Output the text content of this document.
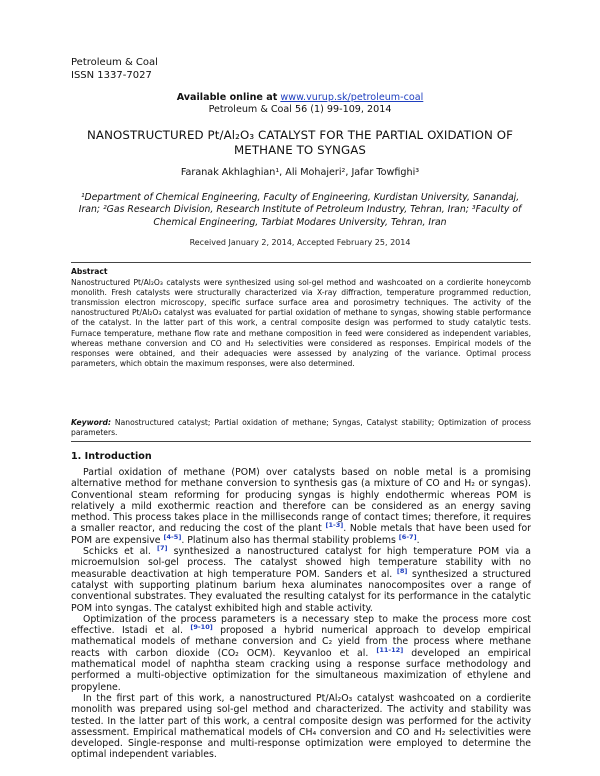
Petroleum & Coal
ISSN 1337-7027
Available online at www.vurup.sk/petroleum-coal
Petroleum & Coal 56 (1) 99-109, 2014
NANOSTRUCTURED Pt/Al₂O₃ CATALYST FOR THE PARTIAL OXIDATION OF
METHANE TO SYNGAS
Faranak Akhlaghian¹, Ali Mohajeri², Jafar Towfighi³
¹Department of Chemical Engineering, Faculty of Engineering, Kurdistan University, Sanandaj, Iran; ²Gas Research Division, Research Institute of Petroleum Industry, Tehran, Iran; ³Faculty of Chemical Engineering, Tarbiat Modares University, Tehran, Iran
Received January 2, 2014, Accepted February 25, 2014
Abstract
Nanostructured Pt/Al₂O₃ catalysts were synthesized using sol-gel method and washcoated on a cordierite honeycomb monolith. Fresh catalysts were structurally characterized via X-ray diffraction, temperature programmed reduction, transmission electron microscopy, specific surface surface area and porosimetry techniques. The activity of the nanostructured Pt/Al₂O₃ catalyst was evaluated for partial oxidation of methane to syngas, showing stable performance of the catalyst. In the latter part of this work, a central composite design was performed to study catalytic tests. Furnace temperature, methane flow rate and methane composition in feed were considered as independent variables, whereas methane conversion and CO and H₂ selectivities were considered as responses. Empirical models of the responses were obtained, and their adequacies were assessed by analyzing of the variance. Optimal process parameters, which obtain the maximum responses, were also determined.
Keyword: Nanostructured catalyst; Partial oxidation of methane; Syngas, Catalyst stability; Optimization of process parameters.
1. Introduction

Partial oxidation of methane (POM) over catalysts based on noble metal is a promising alternative method for methane conversion to synthesis gas (a mixture of CO and H₂ or syngas). Conventional steam reforming for producing syngas is highly endothermic whereas POM is relatively a mild exothermic reaction and therefore can be considered as an energy saving method. This process takes place in the milliseconds range of contact times; therefore, it requires a smaller reactor, and reducing the cost of the plant [1-3]. Noble metals that have been used for POM are expensive [4-5]. Platinum also has thermal stability problems [6-7].

Schicks et al. [7] synthesized a nanostructured catalyst for high temperature POM via a microemulsion sol-gel process. The catalyst showed high temperature stability with no measurable deactivation at high temperature POM. Sanders et al. [8] synthesized a structured catalyst with supporting platinum barium hexa aluminates nanocomposites over a range of conventional substrates. They evaluated the resulting catalyst for its performance in the catalytic POM into syngas. The catalyst exhibited high and stable activity.

Optimization of the process parameters is a necessary step to make the process more cost effective. Istadi et al. [9-10] proposed a hybrid numerical approach to develop empirical mathematical models of methane conversion and C₂ yield from the process where methane reacts with carbon dioxide (CO₂ OCM). Keyvanloo et al. [11-12] developed an empirical mathematical model of naphtha steam cracking using a response surface methodology and performed a multi-objective optimization for the simultaneous maximization of ethylene and propylene.

In the first part of this work, a nanostructured Pt/Al₂O₃ catalyst washcoated on a cordierite monolith was prepared using sol-gel method and characterized. The activity and stability was tested. In the latter part of this work, a central composite design was performed for the activity assessment. Empirical mathematical models of CH₄ conversion and CO and H₂ selectivities were developed. Single-response and multi-response optimization were employed to determine the optimal independent variables.
